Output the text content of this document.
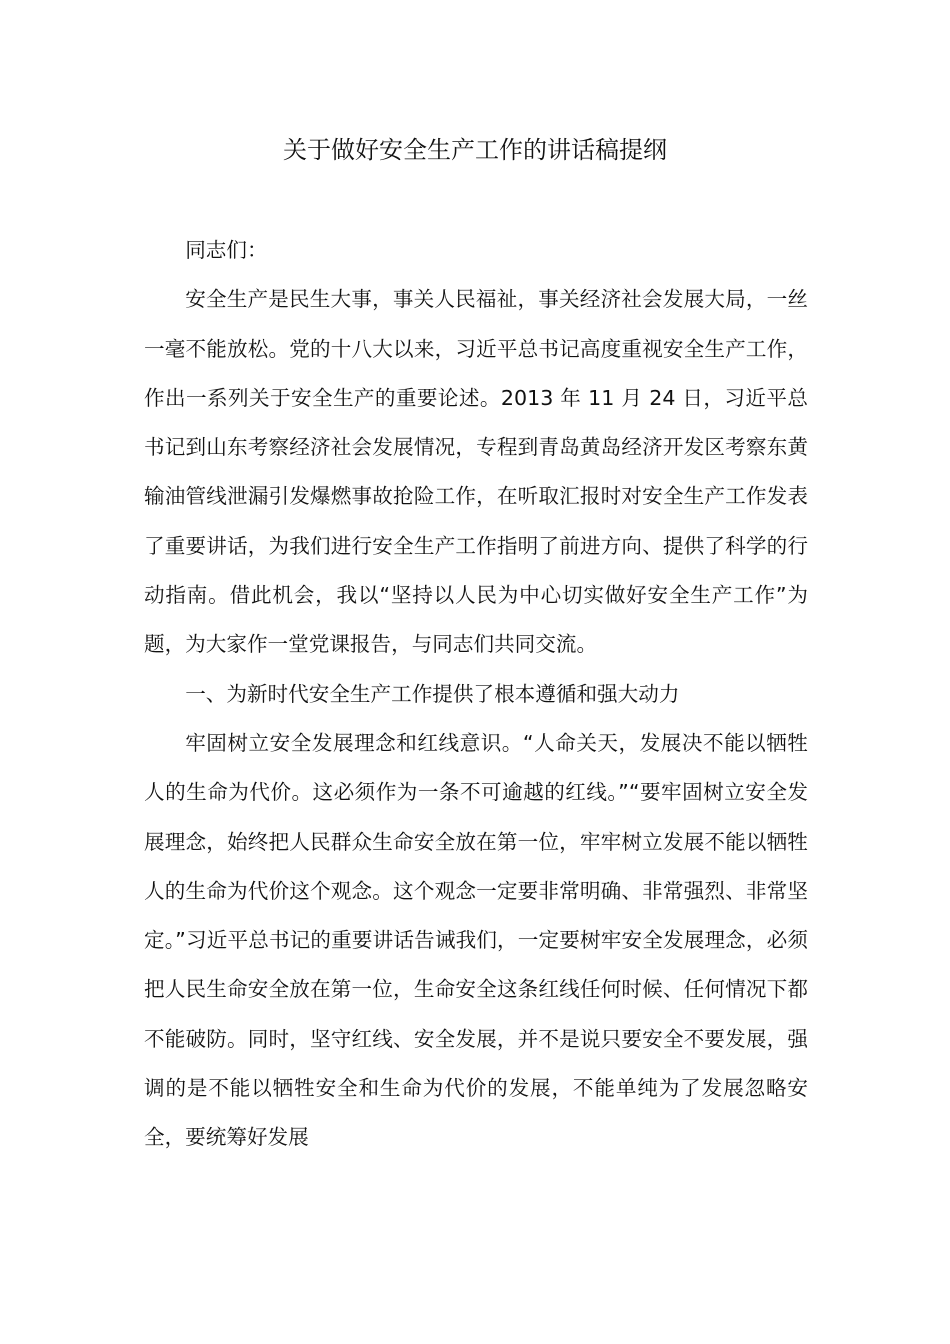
关于做好安全生产工作的讲话稿提纲

同志们：

安全生产是民生大事，事关人民福祉，事关经济社会发展大局，一丝一毫不能放松。党的十八大以来，习近平总书记高度重视安全生产工作，作出一系列关于安全生产的重要论述。2013 年 11 月 24 日，习近平总书记到山东考察经济社会发展情况，专程到青岛黄岛经济开发区考察东黄输油管线泄漏引发爆燃事故抢险工作，在听取汇报时对安全生产工作发表了重要讲话，为我们进行安全生产工作指明了前进方向、提供了科学的行动指南。借此机会，我以“坚持以人民为中心切实做好安全生产工作”为题，为大家作一堂党课报告，与同志们共同交流。

一、为新时代安全生产工作提供了根本遵循和强大动力

牢固树立安全发展理念和红线意识。“人命关天，发展决不能以牺牲人的生命为代价。这必须作为一条不可逾越的红线。”“要牢固树立安全发展理念，始终把人民群众生命安全放在第一位，牢牢树立发展不能以牺牲人的生命为代价这个观念。这个观念一定要非常明确、非常强烈、非常坚定。”习近平总书记的重要讲话告诫我们，一定要树牢安全发展理念，必须把人民生命安全放在第一位，生命安全这条红线任何时候、任何情况下都不能破防。同时，坚守红线、安全发展，并不是说只要安全不要发展，强调的是不能以牺牲安全和生命为代价的发展，不能单纯为了发展忽略安全，要统筹好发展
